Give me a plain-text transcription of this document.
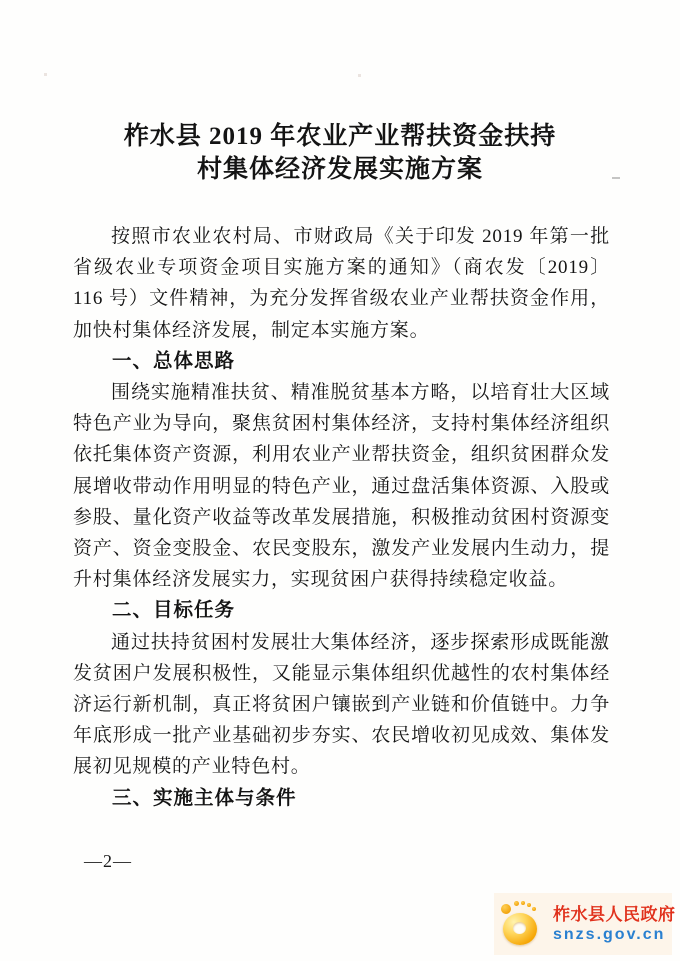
柞水县 2019 年农业产业帮扶资金扶持
村集体经济发展实施方案

按照市农业农村局、市财政局《关于印发 2019 年第一批省级农业专项资金项目实施方案的通知》（商农发〔2019〕116 号）文件精神，为充分发挥省级农业产业帮扶资金作用，加快村集体经济发展，制定本实施方案。

一、总体思路

围绕实施精准扶贫、精准脱贫基本方略，以培育壮大区域特色产业为导向，聚焦贫困村集体经济，支持村集体经济组织依托集体资产资源，利用农业产业帮扶资金，组织贫困群众发展增收带动作用明显的特色产业，通过盘活集体资源、入股或参股、量化资产收益等改革发展措施，积极推动贫困村资源变资产、资金变股金、农民变股东，激发产业发展内生动力，提升村集体经济发展实力，实现贫困户获得持续稳定收益。

二、目标任务

通过扶持贫困村发展壮大集体经济，逐步探索形成既能激发贫困户发展积极性，又能显示集体组织优越性的农村集体经济运行新机制，真正将贫困户镶嵌到产业链和价值链中。力争年底形成一批产业基础初步夯实、农民增收初见成效、集体发展初见规模的产业特色村。

三、实施主体与条件

—2—
柞水县人民政府
snzs.gov.cn
